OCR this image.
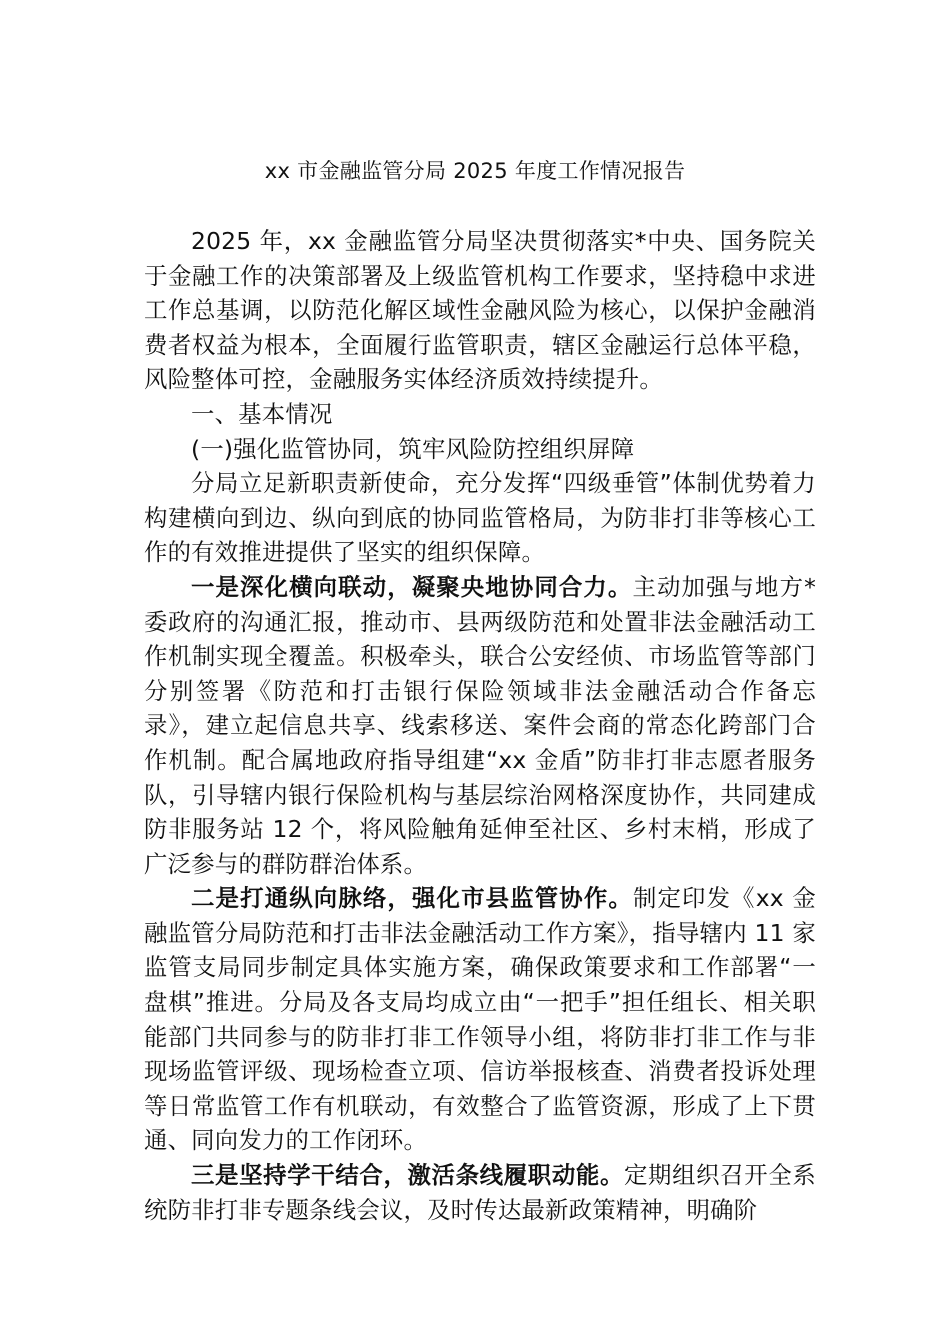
xx 市金融监管分局 2025 年度工作情况报告

2025 年，xx 金融监管分局坚决贯彻落实*中央、国务院关于金融工作的决策部署及上级监管机构工作要求，坚持稳中求进工作总基调，以防范化解区域性金融风险为核心，以保护金融消费者权益为根本，全面履行监管职责，辖区金融运行总体平稳，风险整体可控，金融服务实体经济质效持续提升。

一、基本情况

(一)强化监管协同，筑牢风险防控组织屏障

分局立足新职责新使命，充分发挥“四级垂管”体制优势着力构建横向到边、纵向到底的协同监管格局，为防非打非等核心工作的有效推进提供了坚实的组织保障。

一是深化横向联动，凝聚央地协同合力。主动加强与地方*委政府的沟通汇报，推动市、县两级防范和处置非法金融活动工作机制实现全覆盖。积极牵头，联合公安经侦、市场监管等部门分别签署《防范和打击银行保险领域非法金融活动合作备忘录》，建立起信息共享、线索移送、案件会商的常态化跨部门合作机制。配合属地政府指导组建“xx 金盾”防非打非志愿者服务队，引导辖内银行保险机构与基层综治网格深度协作，共同建成防非服务站 12 个，将风险触角延伸至社区、乡村末梢，形成了广泛参与的群防群治体系。

二是打通纵向脉络，强化市县监管协作。制定印发《xx 金融监管分局防范和打击非法金融活动工作方案》，指导辖内 11 家监管支局同步制定具体实施方案，确保政策要求和工作部署“一盘棋”推进。分局及各支局均成立由“一把手”担任组长、相关职能部门共同参与的防非打非工作领导小组，将防非打非工作与非现场监管评级、现场检查立项、信访举报核查、消费者投诉处理等日常监管工作有机联动，有效整合了监管资源，形成了上下贯通、同向发力的工作闭环。

三是坚持学干结合，激活条线履职动能。定期组织召开全系统防非打非专题条线会议，及时传达最新政策精神，明确阶
